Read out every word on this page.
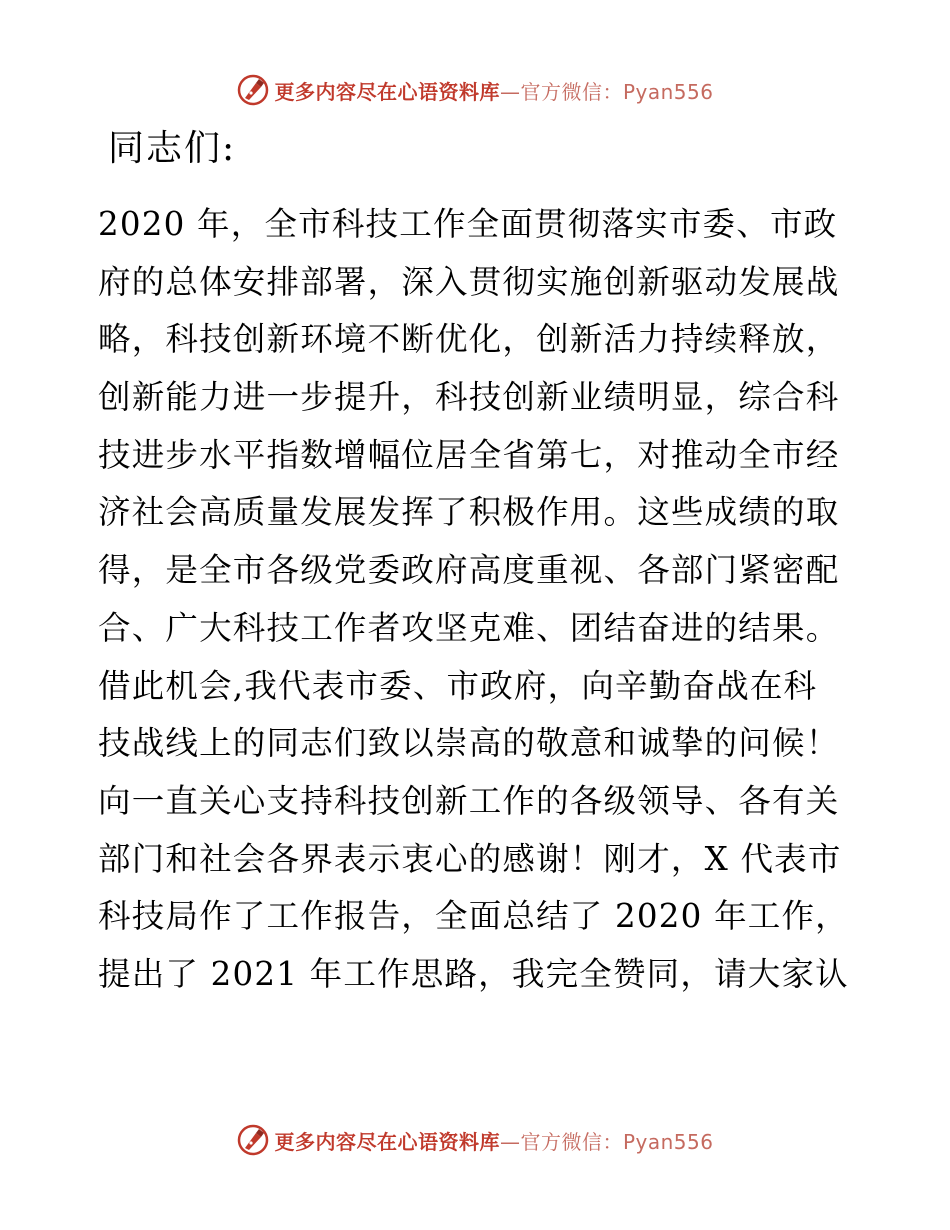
更多内容尽在心语资料库—官方微信：Pyan556
同志们:
2020 年，全市科技工作全面贯彻落实市委、市政
府的总体安排部署，深入贯彻实施创新驱动发展战
略，科技创新环境不断优化，创新活力持续释放，
创新能力进一步提升，科技创新业绩明显，综合科
技进步水平指数增幅位居全省第七，对推动全市经
济社会高质量发展发挥了积极作用。这些成绩的取
得，是全市各级党委政府高度重视、各部门紧密配
合、广大科技工作者攻坚克难、团结奋进的结果。
借此机会,我代表市委、市政府，向辛勤奋战在科
技战线上的同志们致以崇高的敬意和诚挚的问候！
向一直关心支持科技创新工作的各级领导、各有关
部门和社会各界表示衷心的感谢！刚才，X 代表市
科技局作了工作报告，全面总结了 2020 年工作，
提出了 2021 年工作思路，我完全赞同，请大家认
更多内容尽在心语资料库—官方微信：Pyan556
